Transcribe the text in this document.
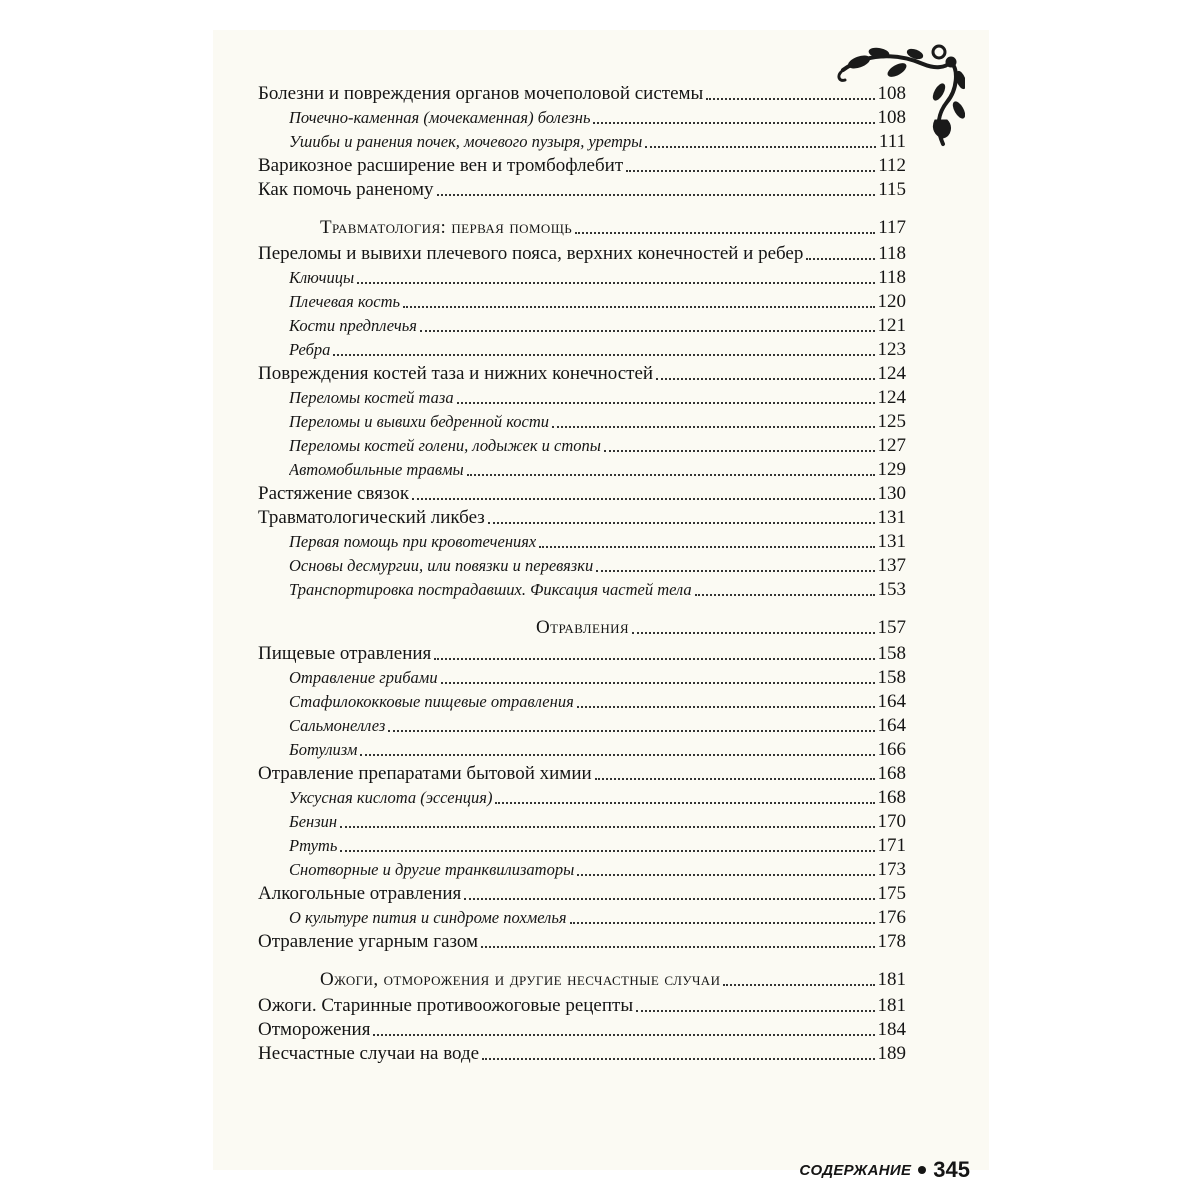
Болезни и повреждения органов мочеполовой системы	108
Почечно-каменная (мочекаменная) болезнь	108
Ушибы и ранения почек, мочевого пузыря, уретры	111
Варикозное расширение вен и тромбофлебит	112
Как помочь раненому	115
Травматология: первая помощь	117
Переломы и вывихи плечевого пояса, верхних конечностей и ребер	118
Ключицы	118
Плечевая кость	120
Кости предплечья	121
Ребра	123
Повреждения костей таза и нижних конечностей	124
Переломы костей таза	124
Переломы и вывихи бедренной кости	125
Переломы костей голени, лодыжек и стопы	127
Автомобильные травмы	129
Растяжение связок	130
Травматологический ликбез	131
Первая помощь при кровотечениях	131
Основы десмургии, или повязки и перевязки	137
Транспортировка пострадавших. Фиксация частей тела	153
Отравления	157
Пищевые отравления	158
Отравление грибами	158
Стафилококковые пищевые отравления	164
Сальмонеллез	164
Ботулизм	166
Отравление препаратами бытовой химии	168
Уксусная кислота (эссенция)	168
Бензин	170
Ртуть	171
Снотворные и другие транквилизаторы	173
Алкогольные отравления	175
О культуре пития и синдроме похмелья	176
Отравление угарным газом	178
Ожоги, отморожения и другие несчастные случаи	181
Ожоги. Старинные противоожоговые рецепты	181
Отморожения	184
Несчастные случаи на воде	189
СОДЕРЖАНИЕ 345
